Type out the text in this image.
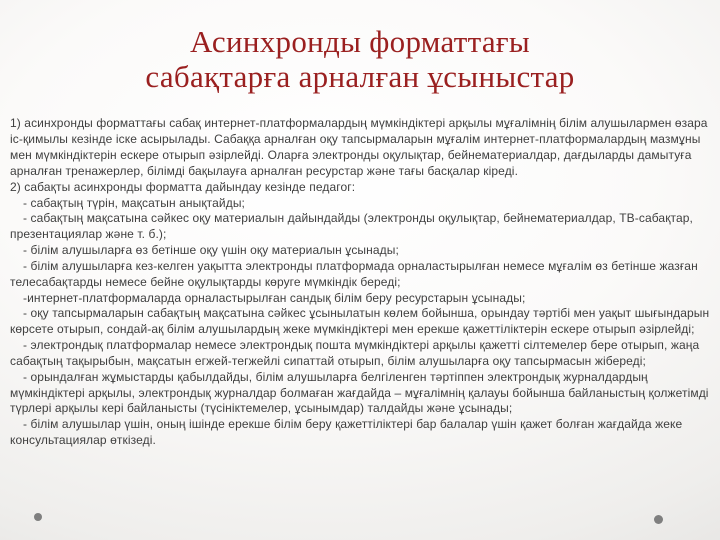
Асинхронды форматтағы
сабақтарға арналған ұсыныстар

1) асинхронды форматтағы сабақ интернет-платформалардың мүмкіндіктері арқылы мұғалімнің білім алушылармен өзара іс-қимылы кезінде іске асырылады. Сабаққа арналған оқу тапсырмаларын мұғалім интернет-платформалардың мазмұны мен мүмкіндіктерін ескере отырып әзірлейді. Оларға электронды оқулықтар, бейнематериалдар, дағдыларды дамытуға арналған тренажерлер, білімді бақылауға арналған ресурстар және тағы басқалар кіреді.

2) сабақты асинхронды форматта дайындау кезінде педагог:

- сабақтың түрін, мақсатын анықтайды;

- сабақтың мақсатына сәйкес оқу материалын дайындайды (электронды оқулықтар, бейнематериалдар, ТВ-сабақтар, презентациялар және т. б.);

- білім алушыларға өз бетінше оқу үшін оқу материалын ұсынады;

- білім алушыларға кез-келген уақытта электронды платформада орналастырылған немесе мұғалім өз бетінше жазған телесабақтарды немесе бейне оқулықтарды көруге мүмкіндік береді;

-интернет-платформаларда орналастырылған сандық білім беру ресурстарын ұсынады;

- оқу тапсырмаларын сабақтың мақсатына сәйкес ұсынылатын көлем бойынша, орындау тәртібі мен уақыт шығындарын көрсете отырып, сондай-ақ білім алушылардың жеке мүмкіндіктері мен ерекше қажеттіліктерін ескере отырып әзірлейді;

- электрондық платформалар немесе электрондық пошта мүмкіндіктері арқылы қажетті сілтемелер бере отырып, жаңа сабақтың тақырыбын, мақсатын егжей-тегжейлі сипаттай отырып, білім алушыларға оқу тапсырмасын жібереді;

- орындалған жұмыстарды қабылдайды, білім алушыларға белгіленген тәртіппен электрондық журналдардың мүмкіндіктері арқылы, электрондық журналдар болмаған жағдайда – мұғалімнің қалауы бойынша байланыстың қолжетімді түрлері арқылы кері байланысты (түсініктемелер, ұсынымдар) талдайды және ұсынады;

- білім алушылар үшін, оның ішінде ерекше білім беру қажеттіліктері бар балалар үшін қажет болған жағдайда жеке консультациялар өткізеді.
